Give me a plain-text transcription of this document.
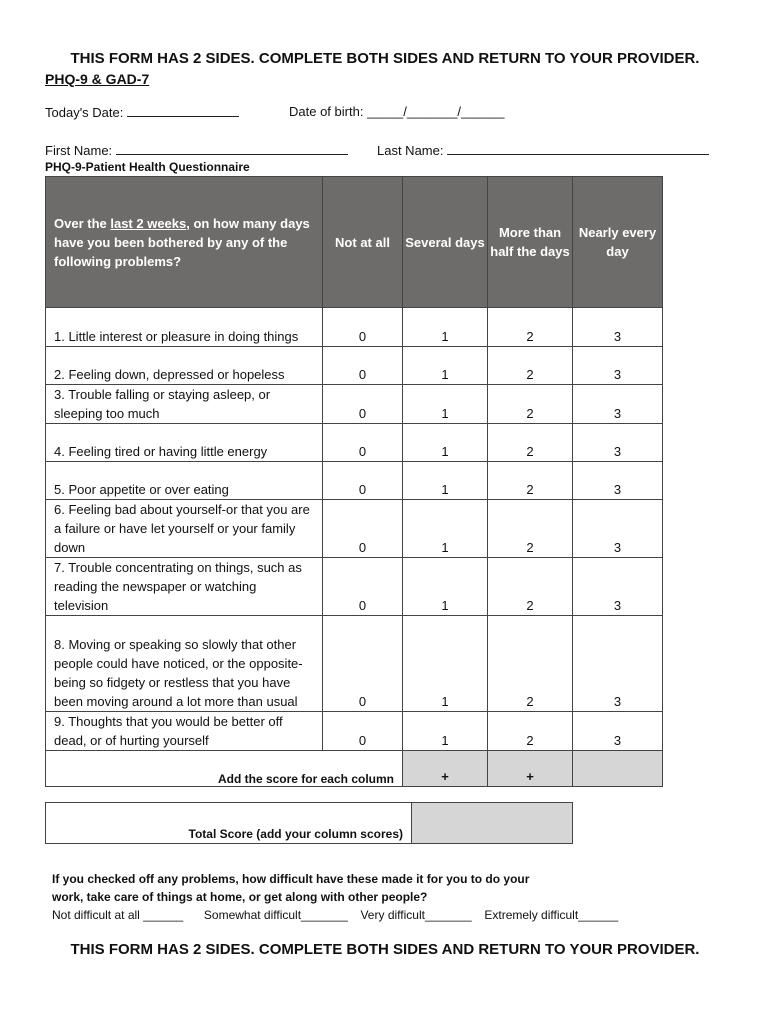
THIS FORM HAS 2 SIDES. COMPLETE BOTH SIDES AND RETURN TO YOUR PROVIDER.
PHQ-9 & GAD-7
Today's Date:	Date of birth: _____/_______/______
First Name:	Last Name:
PHQ-9-Patient Health Questionnaire
Over the last 2 weeks, on how many days have you been bothered by any of the following problems?	Not at all	Several days	More than half the days	Nearly every day
1. Little interest or pleasure in doing things	0	1	2	3
2. Feeling down, depressed or hopeless	0	1	2	3
3. Trouble falling or staying asleep, or sleeping too much	0	1	2	3
4. Feeling tired or having little energy	0	1	2	3
5. Poor appetite or over eating	0	1	2	3
6. Feeling bad about yourself-or that you are a failure or have let yourself or your family down	0	1	2	3
7. Trouble concentrating on things, such as reading the newspaper or watching television	0	1	2	3
8. Moving or speaking so slowly that other people could have noticed, or the opposite-being so fidgety or restless that you have been moving around a lot more than usual	0	1	2	3
9. Thoughts that you would be better off dead, or of hurting yourself	0	1	2	3
Add the score for each column		+	+	
Total Score (add your column scores)
If you checked off any problems, how difficult have these made it for you to do your work, take care of things at home, or get along with other people?
Not difficult at all ______ Somewhat difficult_______ Very difficult_______ Extremely difficult______
THIS FORM HAS 2 SIDES. COMPLETE BOTH SIDES AND RETURN TO YOUR PROVIDER.
